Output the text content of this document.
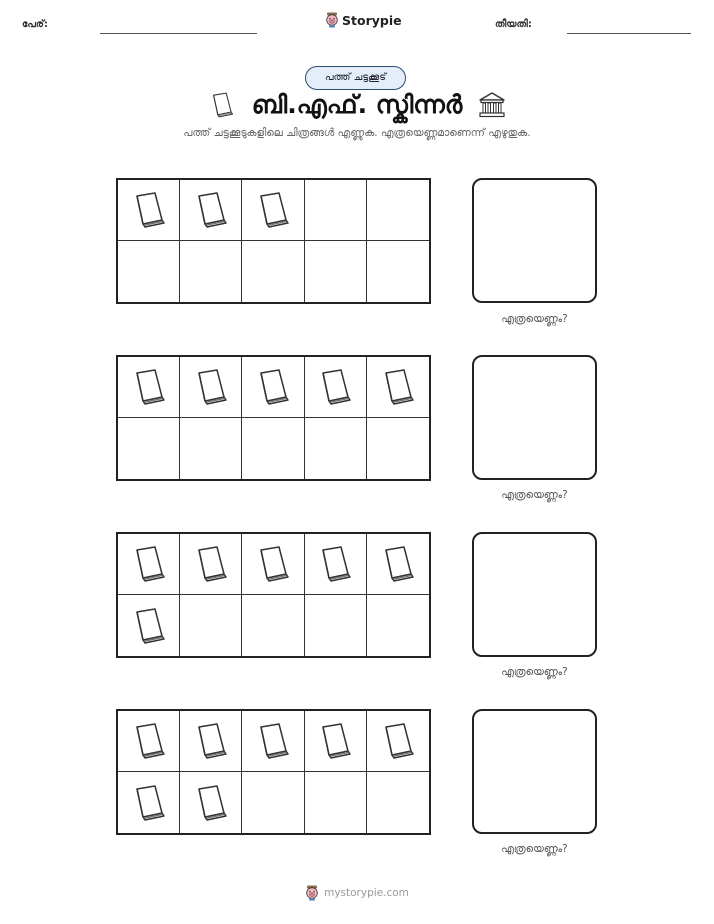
പേര്:	Storypie	തീയതി:
പത്ത് ചട്ടക്കൂട്
ബി.എഫ്. സ്കിന്നർ
പത്ത് ചട്ടക്കൂടുകളിലെ ചിത്രങ്ങൾ എണ്ണുക. എത്രയെണ്ണമാണെന്ന് എഴുതുക.
എത്രയെണ്ണം?
എത്രയെണ്ണം?
എത്രയെണ്ണം?
എത്രയെണ്ണം?
mystorypie.com
